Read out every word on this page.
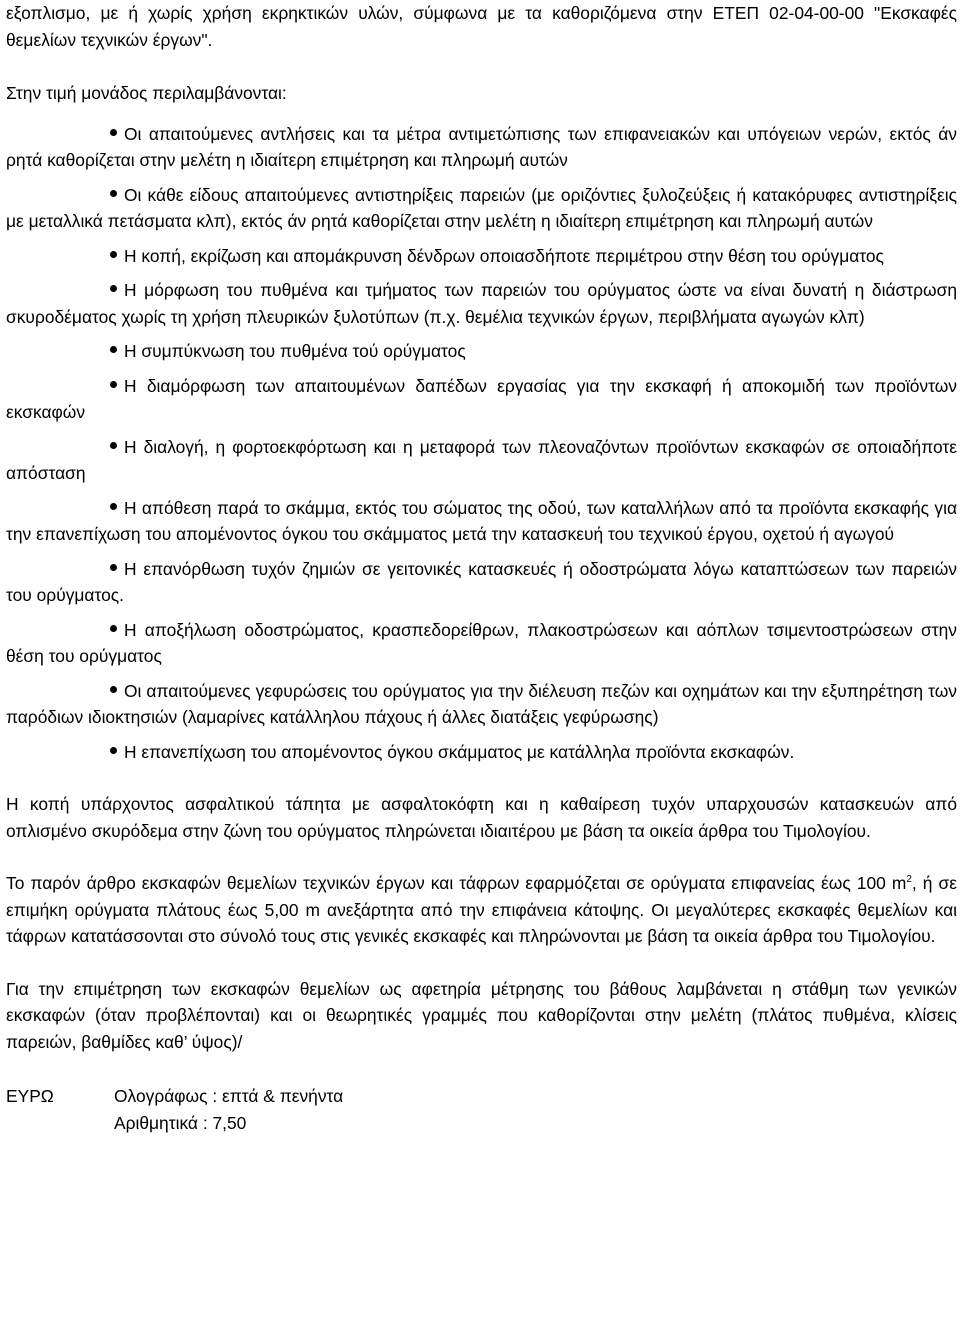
εξοπλισμο, με ή χωρίς χρήση εκρηκτικών υλών, σύμφωνα με τα καθοριζόμενα στην ΕΤΕΠ 02-04-00-00 "Εκσκαφές θεμελίων τεχνικών έργων".

Στην τιμή μονάδος περιλαμβάνονται:

Οι απαιτούμενες αντλήσεις και τα μέτρα αντιμετώπισης των επιφανειακών και υπόγειων νερών, εκτός άν ρητά καθορίζεται στην μελέτη η ιδιαίτερη επιμέτρηση και πληρωμή αυτών
Οι κάθε είδους απαιτούμενες αντιστηρίξεις παρειών (με οριζόντιες ξυλοζεύξεις ή κατακόρυφες αντιστηρίξεις με μεταλλικά πετάσματα κλπ), εκτός άν ρητά καθορίζεται στην μελέτη η ιδιαίτερη επιμέτρηση και πληρωμή αυτών
Η κοπή, εκρίζωση και απομάκρυνση δένδρων οποιασδήποτε περιμέτρου στην θέση του ορύγματος
Η μόρφωση του πυθμένα και τμήματος των παρειών του ορύγματος ώστε να είναι δυνατή η διάστρωση σκυροδέματος χωρίς τη χρήση πλευρικών ξυλοτύπων (π.χ. θεμέλια τεχνικών έργων, περιβλήματα αγωγών κλπ)
Η συμπύκνωση του πυθμένα τού ορύγματος
Η διαμόρφωση των απαιτουμένων δαπέδων εργασίας για την εκσκαφή ή αποκομιδή των προϊόντων εκσκαφών
Η διαλογή, η φορτοεκφόρτωση και η μεταφορά των πλεοναζόντων προϊόντων εκσκαφών σε οποιαδήποτε απόσταση
Η απόθεση παρά το σκάμμα, εκτός του σώματος της οδού, των καταλλήλων από τα προϊόντα εκσκαφής για την επανεπίχωση του απομένοντος όγκου του σκάμματος μετά την κατασκευή του τεχνικού έργου, οχετού ή αγωγού
Η επανόρθωση τυχόν ζημιών σε γειτονικές κατασκευές ή οδοστρώματα λόγω καταπτώσεων των παρειών του ορύγματος.
Η αποξήλωση οδοστρώματος, κρασπεδορείθρων, πλακοστρώσεων και αόπλων τσιμεντοστρώσεων στην θέση του ορύγματος
Οι απαιτούμενες γεφυρώσεις του ορύγματος για την διέλευση πεζών και οχημάτων και την εξυπηρέτηση των παρόδιων ιδιοκτησιών (λαμαρίνες κατάλληλου πάχους ή άλλες διατάξεις γεφύρωσης)
Η επανεπίχωση του απομένοντος όγκου σκάμματος με κατάλληλα προϊόντα εκσκαφών.

Η κοπή υπάρχοντος ασφαλτικού τάπητα με ασφαλτοκόφτη και η καθαίρεση τυχόν υπαρχουσών κατασκευών από οπλισμένο σκυρόδεμα στην ζώνη του ορύγματος πληρώνεται ιδιαιτέρου με βάση τα οικεία άρθρα του Τιμολογίου.

Το παρόν άρθρο εκσκαφών θεμελίων τεχνικών έργων και τάφρων εφαρμόζεται σε ορύγματα επιφανείας έως 100 $m^2$, ή σε επιμήκη ορύγματα πλάτους έως 5,00 m ανεξάρτητα από την επιφάνεια κάτοψης. Οι μεγαλύτερες εκσκαφές θεμελίων και τάφρων κατατάσσονται στο σύνολό τους στις γενικές εκσκαφές και πληρώνονται με βάση τα οικεία άρθρα του Τιμολογίου.

Για την επιμέτρηση των εκσκαφών θεμελίων ως αφετηρία μέτρησης του βάθους λαμβάνεται η στάθμη των γενικών εκσκαφών (όταν προβλέπονται) και οι θεωρητικές γραμμές που καθορίζονται στην μελέτη (πλάτος πυθμένα, κλίσεις παρειών, βαθμίδες καθ’ ύψος)/

ΕΥΡΩ	Ολογράφως : επτά & πενήντα
Αριθμητικά : 7,50
